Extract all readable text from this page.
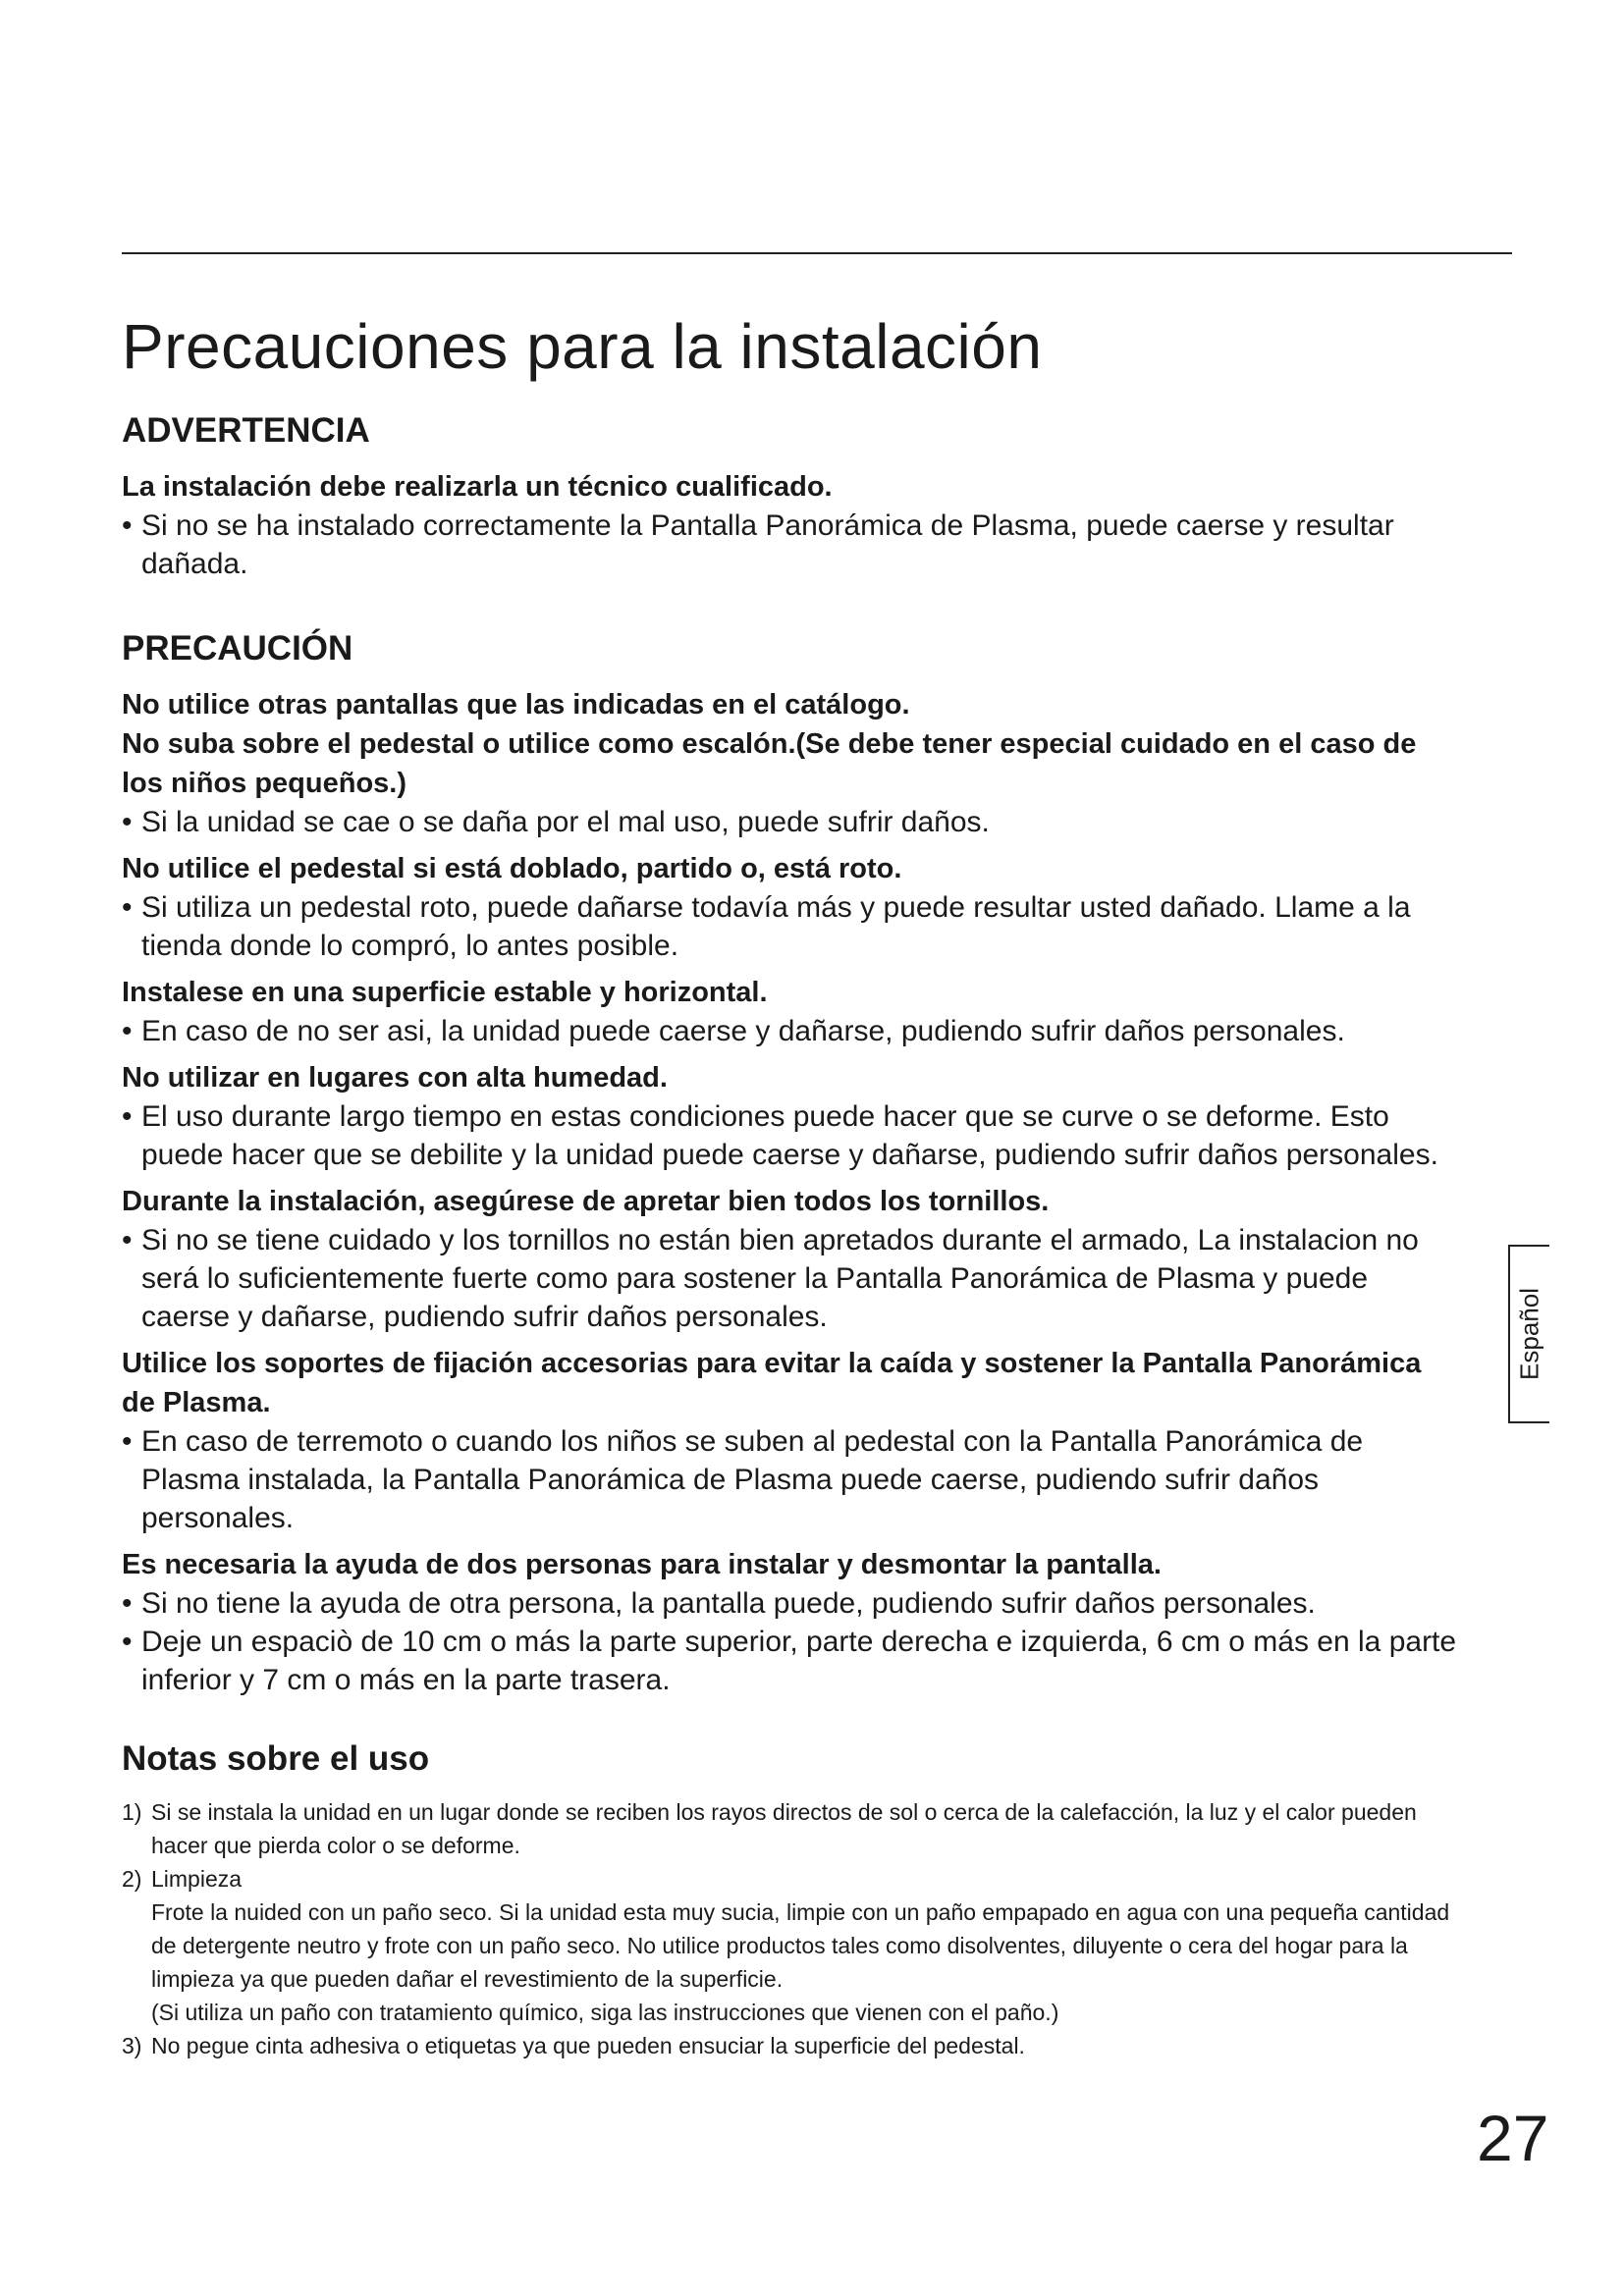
Precauciones para la instalación
ADVERTENCIA

La instalación debe realizarla un técnico cualificado.

• Si no se ha instalado correctamente la Pantalla Panorámica de Plasma, puede caerse y resultar dañada.

PRECAUCIÓN

No utilice otras pantallas que las indicadas en el catálogo.

No suba sobre el pedestal o utilice como escalón.(Se debe tener especial cuidado en el caso de los niños pequeños.)

• Si la unidad se cae o se daña por el mal uso, puede sufrir daños.

No utilice el pedestal si está doblado, partido o, está roto.

• Si utiliza un pedestal roto, puede dañarse todavía más y puede resultar usted dañado. Llame a la tienda donde lo compró, lo antes posible.

Instalese en una superficie estable y horizontal.

• En caso de no ser asi, la unidad puede caerse y dañarse, pudiendo sufrir daños personales.

No utilizar en lugares con alta humedad.

• El uso durante largo tiempo en estas condiciones puede hacer que se curve o se deforme. Esto puede hacer que se debilite y la unidad puede caerse y dañarse, pudiendo sufrir daños personales.

Durante la instalación, asegúrese de apretar bien todos los tornillos.

• Si no se tiene cuidado y los tornillos no están bien apretados durante el armado, La instalacion no será lo suficientemente fuerte como para sostener la Pantalla Panorámica de Plasma y puede caerse y dañarse, pudiendo sufrir daños personales.

Utilice los soportes de fijación accesorias para evitar la caída y sostener la Pantalla Panorámica de Plasma.

• En caso de terremoto o cuando los niños se suben al pedestal con la Pantalla Panorámica de Plasma instalada, la Pantalla Panorámica de Plasma puede caerse, pudiendo sufrir daños personales.

Es necesaria la ayuda de dos personas para instalar y desmontar la pantalla.

• Si no tiene la ayuda de otra persona, la pantalla puede, pudiendo sufrir daños personales.

• Deje un espaciò de 10 cm o más la parte superior, parte derecha e izquierda, 6 cm o más en la parte inferior y 7 cm o más en la parte trasera.

Notas sobre el uso

1) Si se instala la unidad en un lugar donde se reciben los rayos directos de sol o cerca de la calefacción, la luz y el calor pueden hacer que pierda color o se deforme.

2) Limpieza

Frote la nuided con un paño seco. Si la unidad esta muy sucia, limpie con un paño empapado en agua con una pequeña cantidad de detergente neutro y frote con un paño seco. No utilice productos tales como disolventes, diluyente o cera del hogar para la limpieza ya que pueden dañar el revestimiento de la superficie.

(Si utiliza un paño con tratamiento químico, siga las instrucciones que vienen con el paño.)

3) No pegue cinta adhesiva o etiquetas ya que pueden ensuciar la superficie del pedestal.

Español
27
